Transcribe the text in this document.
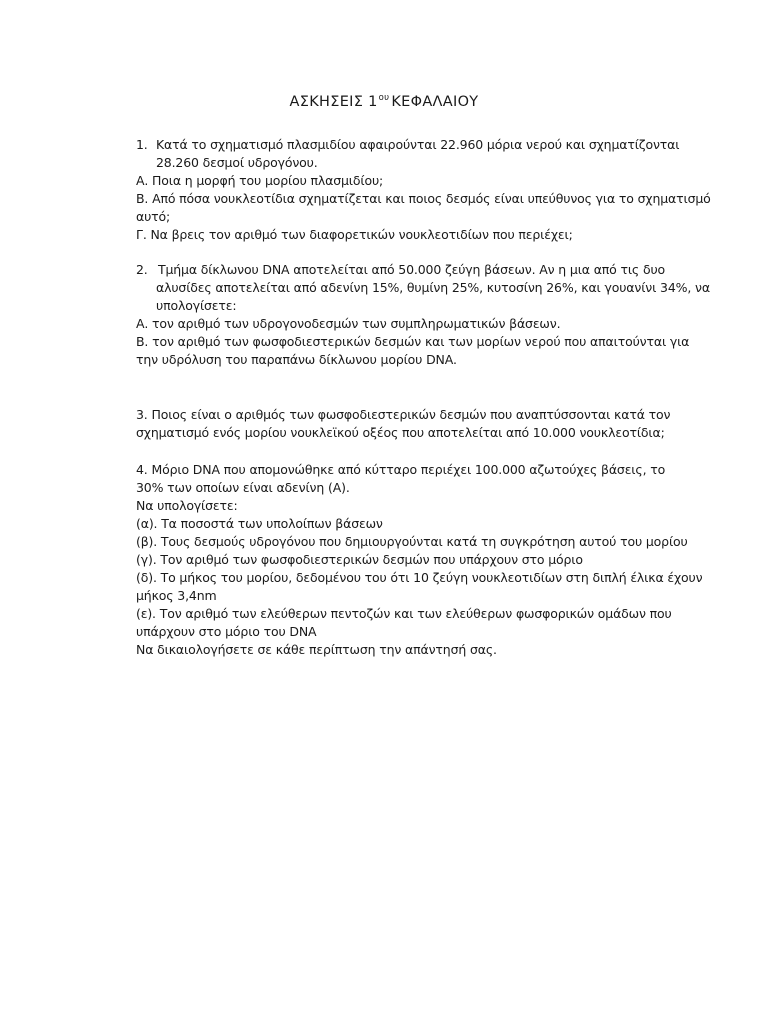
ΑΣΚΗΣΕΙΣ $1^{o\upsilon}$ ΚΕΦΑΛΑΙΟΥ
1. Κατά το σχηματισμό πλασμιδίου αφαιρούνται 22.960 μόρια νερού και σχηματίζονται
28.260 δεσμοί υδρογόνου.
Α. Ποια η μορφή του μορίου πλασμιδίου;
Β. Από πόσα νουκλεοτίδια σχηματίζεται και ποιος δεσμός είναι υπεύθυνος για το σχηματισμό
αυτό;
Γ. Να βρεις τον αριθμό των διαφορετικών νουκλεοτιδίων που περιέχει;
2. Τμήμα δίκλωνου DNA αποτελείται από 50.000 ζεύγη βάσεων. Αν η μια από τις δυο
αλυσίδες αποτελείται από αδενίνη 15%, θυμίνη 25%, κυτοσίνη 26%, και γουανίνι 34%, να
υπολογίσετε:
Α. τον αριθμό των υδρογονοδεσμών των συμπληρωματικών βάσεων.
Β. τον αριθμό των φωσφοδιεστερικών δεσμών και των μορίων νερού που απαιτούνται για
την υδρόλυση του παραπάνω δίκλωνου μορίου DNA.
3. Ποιος είναι ο αριθμός των φωσφοδιεστερικών δεσμών που αναπτύσσονται κατά τον
σχηματισμό ενός μορίου νουκλεϊκού οξέος που αποτελείται από 10.000 νουκλεοτίδια;
4. Μόριο DNA που απομονώθηκε από κύτταρο περιέχει 100.000 αζωτούχες βάσεις, το
30% των οποίων είναι αδενίνη (Α).
Να υπολογίσετε:
(α). Τα ποσοστά των υπολοίπων βάσεων
(β). Τους δεσμούς υδρογόνου που δημιουργούνται κατά τη συγκρότηση αυτού του μορίου
(γ). Τον αριθμό των φωσφοδιεστερικών δεσμών που υπάρχουν στο μόριο
(δ). Το μήκος του μορίου, δεδομένου του ότι 10 ζεύγη νουκλεοτιδίων στη διπλή έλικα έχουν
μήκος 3,4nm
(ε). Τον αριθμό των ελεύθερων πεντοζών και των ελεύθερων φωσφορικών ομάδων που
υπάρχουν στο μόριο του DNA
Να δικαιολογήσετε σε κάθε περίπτωση την απάντησή σας.
